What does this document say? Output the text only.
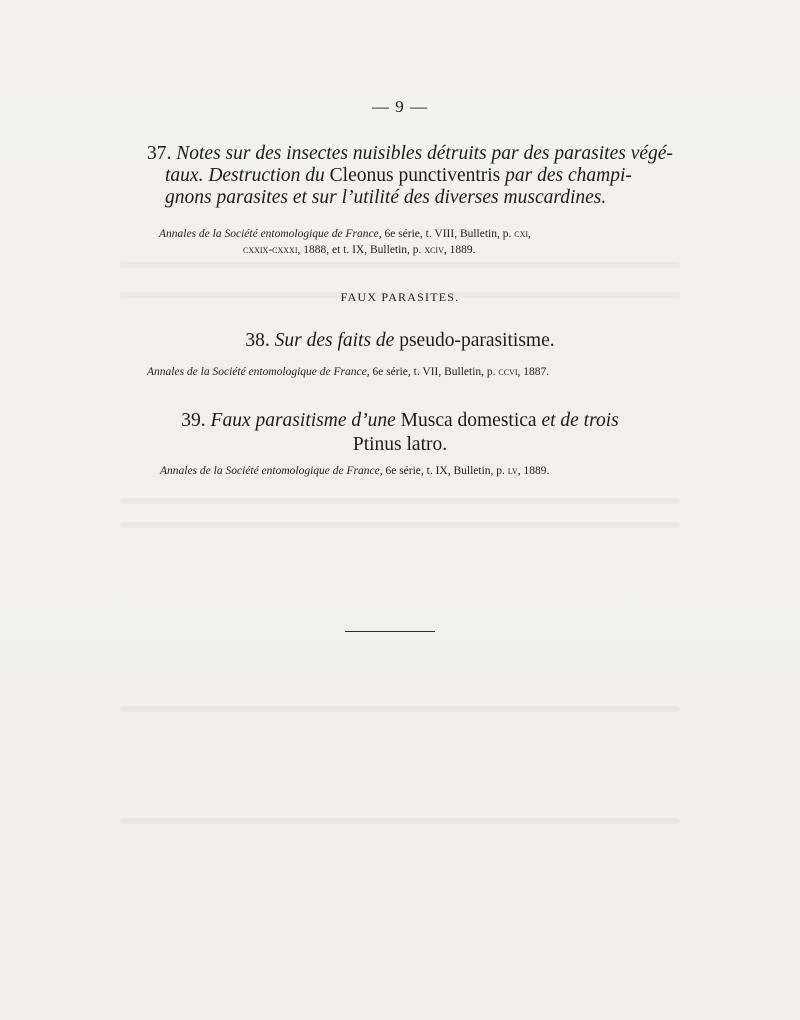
— 9 —
37. Notes sur des insectes nuisibles détruits par des parasites végé-
taux. Destruction du Cleonus punctiventris par des champi-
gnons parasites et sur l’utilité des diverses muscardines.
Annales de la Société entomologique de France, 6e série, t. VIII, Bulletin, p. cxi,
cxxix-cxxxi, 1888, et t. IX, Bulletin, p. xciv, 1889.
FAUX PARASITES.
38. Sur des faits de pseudo-parasitisme.
Annales de la Société entomologique de France, 6e série, t. VII, Bulletin, p. ccvi, 1887.
39. Faux parasitisme d’une Musca domestica et de trois
Ptinus latro.
Annales de la Société entomologique de France, 6e série, t. IX, Bulletin, p. lv, 1889.
